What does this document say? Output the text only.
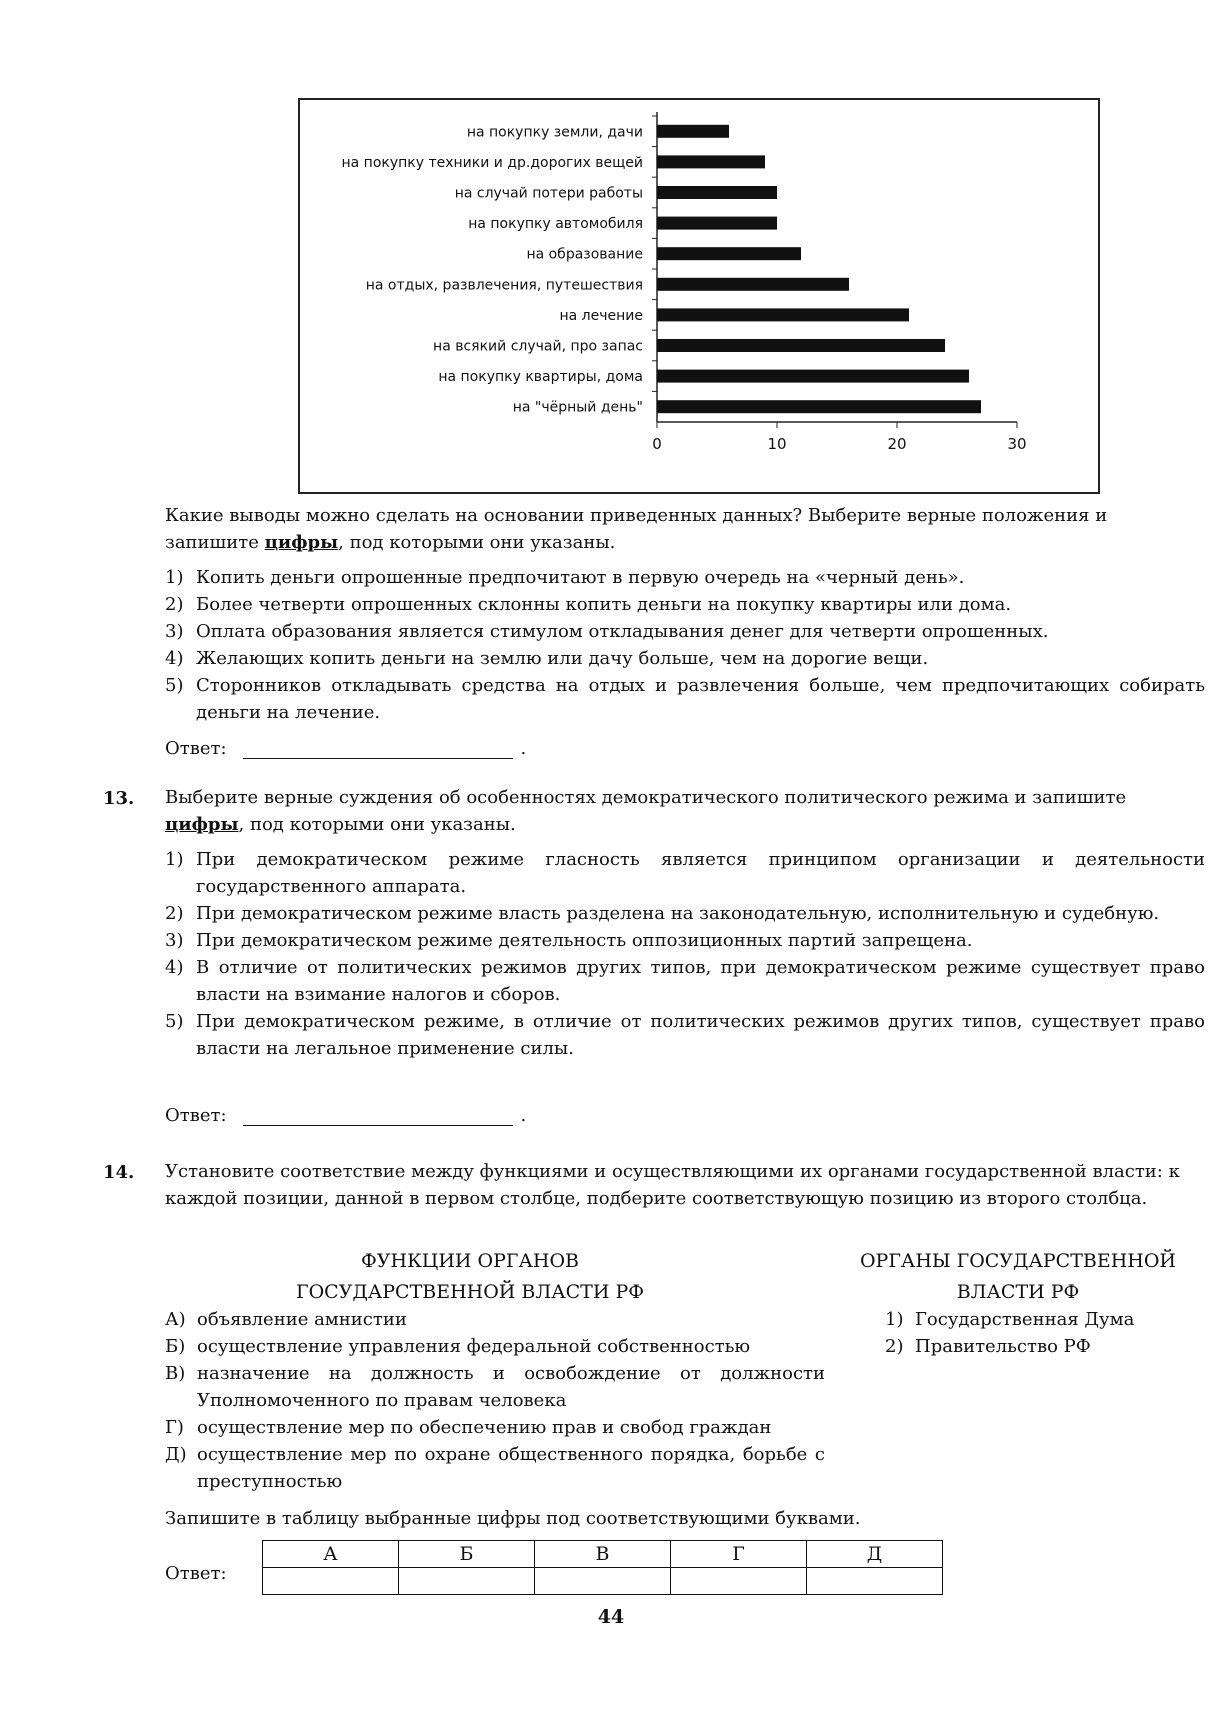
на покупку земли, дачи
на покупку техники и др.дорогих вещей
на случай потери работы
на покупку автомобиля
на образование
на отдых, развлечения, путешествия
на лечение
на всякий случай, про запас
на покупку квартиры, дома
на "чёрный день"
0	10	20	30
Какие выводы можно сделать на основании приведенных данных? Выберите верные положения и запишите цифры, под которыми они указаны.
1) Копить деньги опрошенные предпочитают в первую очередь на «черный день».
2) Более четверти опрошенных склонны копить деньги на покупку квартиры или дома.
3) Оплата образования является стимулом откладывания денег для четверти опрошенных.
4) Желающих копить деньги на землю или дачу больше, чем на дорогие вещи.
5) Сторонников откладывать средства на отдых и развлечения больше, чем предпочитающих собирать деньги на лечение.
Ответ:	.
13. Выберите верные суждения об особенностях демократического политического режима и запишите цифры, под которыми они указаны.
1) При демократическом режиме гласность является принципом организации и деятельности государственного аппарата.
2) При демократическом режиме власть разделена на законодательную, исполнительную и судебную.
3) При демократическом режиме деятельность оппозиционных партий запрещена.
4) В отличие от политических режимов других типов, при демократическом режиме существует право власти на взимание налогов и сборов.
5) При демократическом режиме, в отличие от политических режимов других типов, существует право власти на легальное применение силы.
Ответ:	.
14. Установите соответствие между функциями и осуществляющими их органами государственной власти: к каждой позиции, данной в первом столбце, подберите соответствующую позицию из второго столбца.
ФУНКЦИИ ОРГАНОВ
ГОСУДАРСТВЕННОЙ ВЛАСТИ РФ
ОРГАНЫ ГОСУДАРСТВЕННОЙ
ВЛАСТИ РФ
А) объявление амнистии
Б) осуществление управления федеральной собственностью
В) назначение на должность и освобождение от должности Уполномоченного по правам человека
Г) осуществление мер по обеспечению прав и свобод граждан
Д) осуществление мер по охране общественного порядка, борьбе с преступностью
1) Государственная Дума
2) Правительство РФ
Запишите в таблицу выбранные цифры под соответствующими буквами.
Ответ:
А	Б	В	Г	Д

44
